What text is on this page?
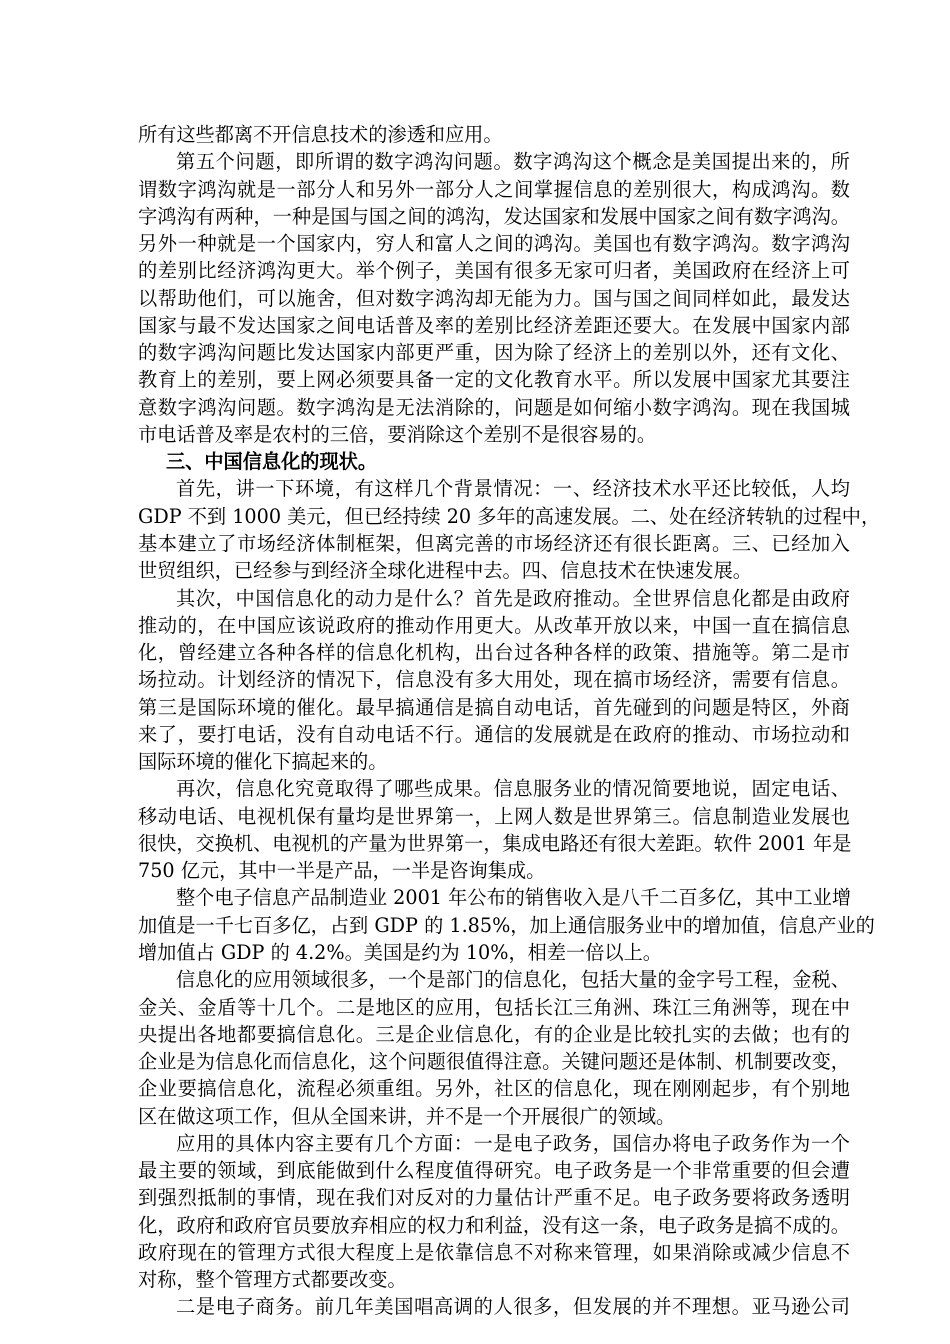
所有这些都离不开信息技术的渗透和应用。
第五个问题，即所谓的数字鸿沟问题。数字鸿沟这个概念是美国提出来的，所
谓数字鸿沟就是一部分人和另外一部分人之间掌握信息的差别很大，构成鸿沟。数
字鸿沟有两种，一种是国与国之间的鸿沟，发达国家和发展中国家之间有数字鸿沟。
另外一种就是一个国家内，穷人和富人之间的鸿沟。美国也有数字鸿沟。数字鸿沟
的差别比经济鸿沟更大。举个例子，美国有很多无家可归者，美国政府在经济上可
以帮助他们，可以施舍，但对数字鸿沟却无能为力。国与国之间同样如此，最发达
国家与最不发达国家之间电话普及率的差别比经济差距还要大。在发展中国家内部
的数字鸿沟问题比发达国家内部更严重，因为除了经济上的差别以外，还有文化、
教育上的差别，要上网必须要具备一定的文化教育水平。所以发展中国家尤其要注
意数字鸿沟问题。数字鸿沟是无法消除的，问题是如何缩小数字鸿沟。现在我国城
市电话普及率是农村的三倍，要消除这个差别不是很容易的。
三、中国信息化的现状。
首先，讲一下环境，有这样几个背景情况：一、经济技术水平还比较低，人均
GDP 不到 1000 美元，但已经持续 20 多年的高速发展。二、处在经济转轨的过程中，
基本建立了市场经济体制框架，但离完善的市场经济还有很长距离。三、已经加入
世贸组织，已经参与到经济全球化进程中去。四、信息技术在快速发展。
其次，中国信息化的动力是什么？首先是政府推动。全世界信息化都是由政府
推动的，在中国应该说政府的推动作用更大。从改革开放以来，中国一直在搞信息
化，曾经建立各种各样的信息化机构，出台过各种各样的政策、措施等。第二是市
场拉动。计划经济的情况下，信息没有多大用处，现在搞市场经济，需要有信息。
第三是国际环境的催化。最早搞通信是搞自动电话，首先碰到的问题是特区，外商
来了，要打电话，没有自动电话不行。通信的发展就是在政府的推动、市场拉动和
国际环境的催化下搞起来的。
再次，信息化究竟取得了哪些成果。信息服务业的情况简要地说，固定电话、
移动电话、电视机保有量均是世界第一，上网人数是世界第三。信息制造业发展也
很快，交换机、电视机的产量为世界第一，集成电路还有很大差距。软件 2001 年是
750 亿元，其中一半是产品，一半是咨询集成。
整个电子信息产品制造业 2001 年公布的销售收入是八千二百多亿，其中工业增
加值是一千七百多亿，占到 GDP 的 1.85%，加上通信服务业中的增加值，信息产业的
增加值占 GDP 的 4.2%。美国是约为 10%，相差一倍以上。
信息化的应用领域很多，一个是部门的信息化，包括大量的金字号工程，金税、
金关、金盾等十几个。二是地区的应用，包括长江三角洲、珠江三角洲等，现在中
央提出各地都要搞信息化。三是企业信息化，有的企业是比较扎实的去做；也有的
企业是为信息化而信息化，这个问题很值得注意。关键问题还是体制、机制要改变，
企业要搞信息化，流程必须重组。另外，社区的信息化，现在刚刚起步，有个别地
区在做这项工作，但从全国来讲，并不是一个开展很广的领域。
应用的具体内容主要有几个方面：一是电子政务，国信办将电子政务作为一个
最主要的领域，到底能做到什么程度值得研究。电子政务是一个非常重要的但会遭
到强烈抵制的事情，现在我们对反对的力量估计严重不足。电子政务要将政务透明
化，政府和政府官员要放弃相应的权力和利益，没有这一条，电子政务是搞不成的。
政府现在的管理方式很大程度上是依靠信息不对称来管理，如果消除或减少信息不
对称，整个管理方式都要改变。
二是电子商务。前几年美国唱高调的人很多，但发展的并不理想。亚马逊公司
